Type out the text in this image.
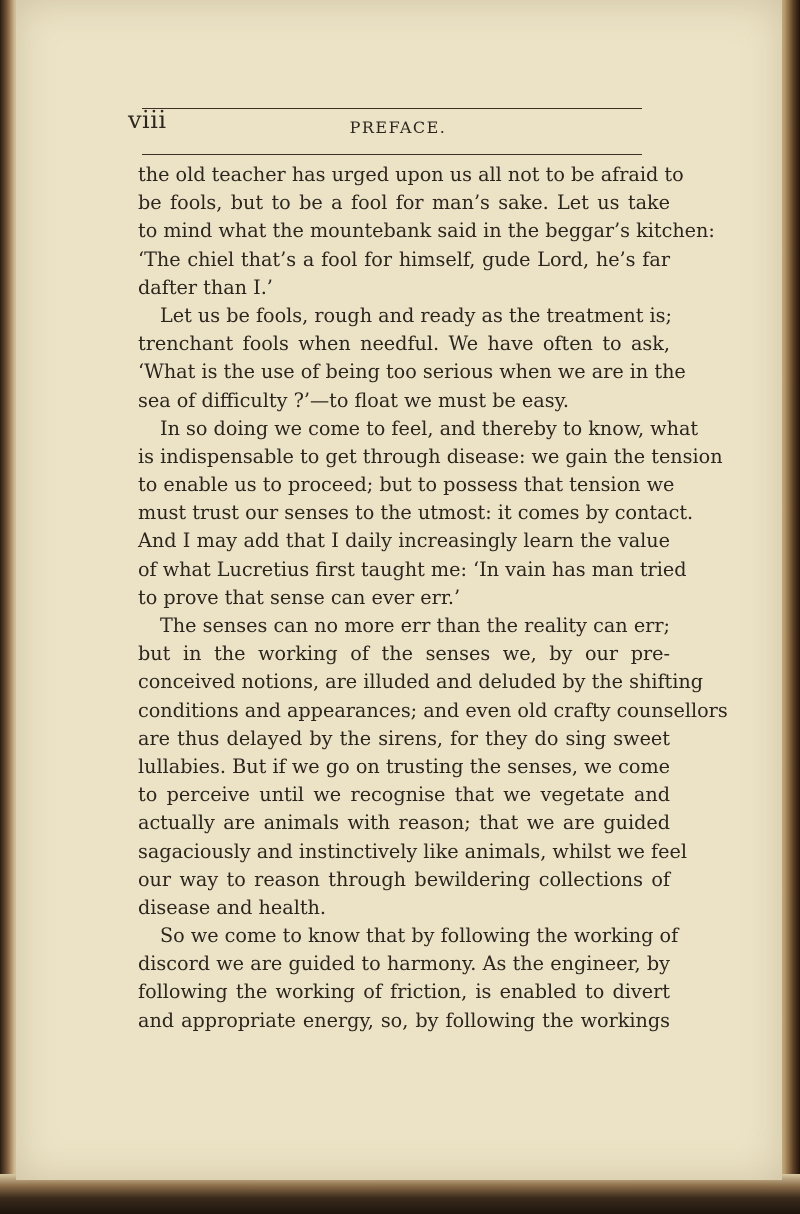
viii	PREFACE.
the old teacher has urged upon us all not to be afraid to
be fools, but to be a fool for man’s sake. Let us take
to mind what the mountebank said in the beggar’s kitchen:
‘The chiel that’s a fool for himself, gude Lord, he’s far
dafter than I.’
Let us be fools, rough and ready as the treatment is;
trenchant fools when needful. We have often to ask,
‘What is the use of being too serious when we are in the
sea of difficulty ?’—to float we must be easy.
In so doing we come to feel, and thereby to know, what
is indispensable to get through disease: we gain the tension
to enable us to proceed; but to possess that tension we
must trust our senses to the utmost: it comes by contact.
And I may add that I daily increasingly learn the value
of what Lucretius first taught me: ‘In vain has man tried
to prove that sense can ever err.’
The senses can no more err than the reality can err;
but in the working of the senses we, by our pre-
conceived notions, are illuded and deluded by the shifting
conditions and appearances; and even old crafty counsellors
are thus delayed by the sirens, for they do sing sweet
lullabies. But if we go on trusting the senses, we come
to perceive until we recognise that we vegetate and
actually are animals with reason; that we are guided
sagaciously and instinctively like animals, whilst we feel
our way to reason through bewildering collections of
disease and health.
So we come to know that by following the working of
discord we are guided to harmony. As the engineer, by
following the working of friction, is enabled to divert
and appropriate energy, so, by following the workings
